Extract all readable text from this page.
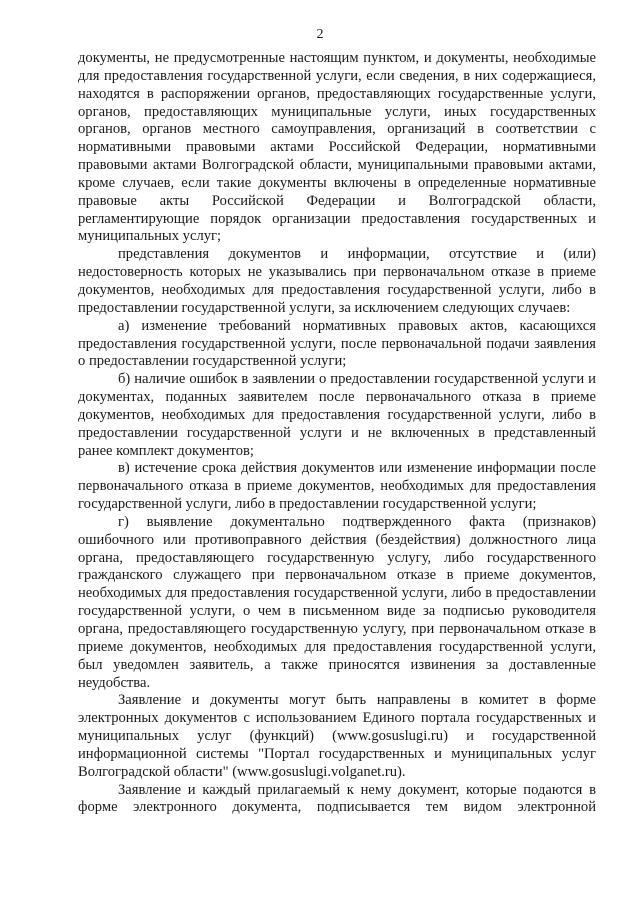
2

документы, не предусмотренные настоящим пунктом, и документы, необходимые для предоставления государственной услуги, если сведения, в них содержащиеся, находятся в распоряжении органов, предоставляющих государственные услуги, органов, предоставляющих муниципальные услуги, иных государственных органов, органов местного самоуправления, организаций в соответствии с нормативными правовыми актами Российской Федерации, нормативными правовыми актами Волгоградской области, муниципальными правовыми актами, кроме случаев, если такие документы включены в определенные нормативные правовые акты Российской Федерации и Волгоградской области, регламентирующие порядок организации предоставления государственных и муниципальных услуг;

представления документов и информации, отсутствие и (или) недостоверность которых не указывались при первоначальном отказе в приеме документов, необходимых для предоставления государственной услуги, либо в предоставлении государственной услуги, за исключением следующих случаев:

а) изменение требований нормативных правовых актов, касающихся предоставления государственной услуги, после первоначальной подачи заявления о предоставлении государственной услуги;

б) наличие ошибок в заявлении о предоставлении государственной услуги и документах, поданных заявителем после первоначального отказа в приеме документов, необходимых для предоставления государственной услуги, либо в предоставлении государственной услуги и не включенных в представленный ранее комплект документов;

в) истечение срока действия документов или изменение информации после первоначального отказа в приеме документов, необходимых для предоставления государственной услуги, либо в предоставлении государственной услуги;

г) выявление документально подтвержденного факта (признаков) ошибочного или противоправного действия (бездействия) должностного лица органа, предоставляющего государственную услугу, либо государственного гражданского служащего при первоначальном отказе в приеме документов, необходимых для предоставления государственной услуги, либо в предоставлении государственной услуги, о чем в письменном виде за подписью руководителя органа, предоставляющего государственную услугу, при первоначальном отказе в приеме документов, необходимых для предоставления государственной услуги, был уведомлен заявитель, а также приносятся извинения за доставленные неудобства.

Заявление и документы могут быть направлены в комитет в форме электронных документов с использованием Единого портала государственных и муниципальных услуг (функций) (www.gosuslugi.ru) и государственной информационной системы "Портал государственных и муниципальных услуг Волгоградской области" (www.gosuslugi.volganet.ru).

Заявление и каждый прилагаемый к нему документ, которые подаются в форме электронного документа, подписывается тем видом электронной
